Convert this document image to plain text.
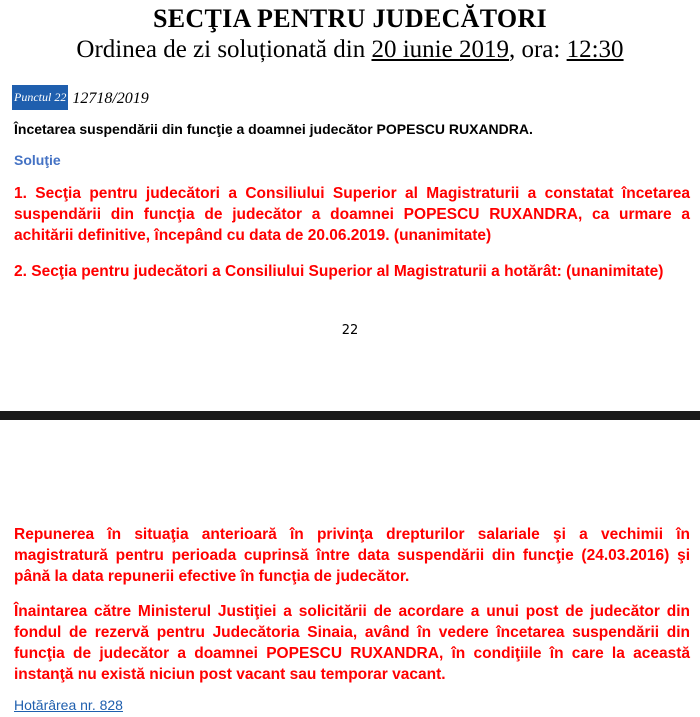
SECŢIA PENTRU JUDECĂTORI
Ordinea de zi soluționată din 20 iunie 2019, ora: 12:30
Punctul 22 12718/2019
Încetarea suspendării din funcţie a doamnei judecător POPESCU RUXANDRA.
Soluţie

1. Secţia pentru judecători a Consiliului Superior al Magistraturii a constatat încetarea suspendării din funcţia de judecător a doamnei POPESCU RUXANDRA, ca urmare a achitării definitive, începând cu data de 20.06.2019. (unanimitate)

2. Secţia pentru judecători a Consiliului Superior al Magistraturii a hotărât: (unanimitate)

22

Repunerea în situaţia anterioară în privinţa drepturilor salariale şi a vechimii în magistratură pentru perioada cuprinsă între data suspendării din funcţie (24.03.2016) şi până la data repunerii efective în funcţia de judecător.

Înaintarea către Ministerul Justiţiei a solicitării de acordare a unui post de judecător din fondul de rezervă pentru Judecătoria Sinaia, având în vedere încetarea suspendării din funcţia de judecător a doamnei POPESCU RUXANDRA, în condiţiile în care la această instanţă nu există niciun post vacant sau temporar vacant.

Hotărârea nr. 828
